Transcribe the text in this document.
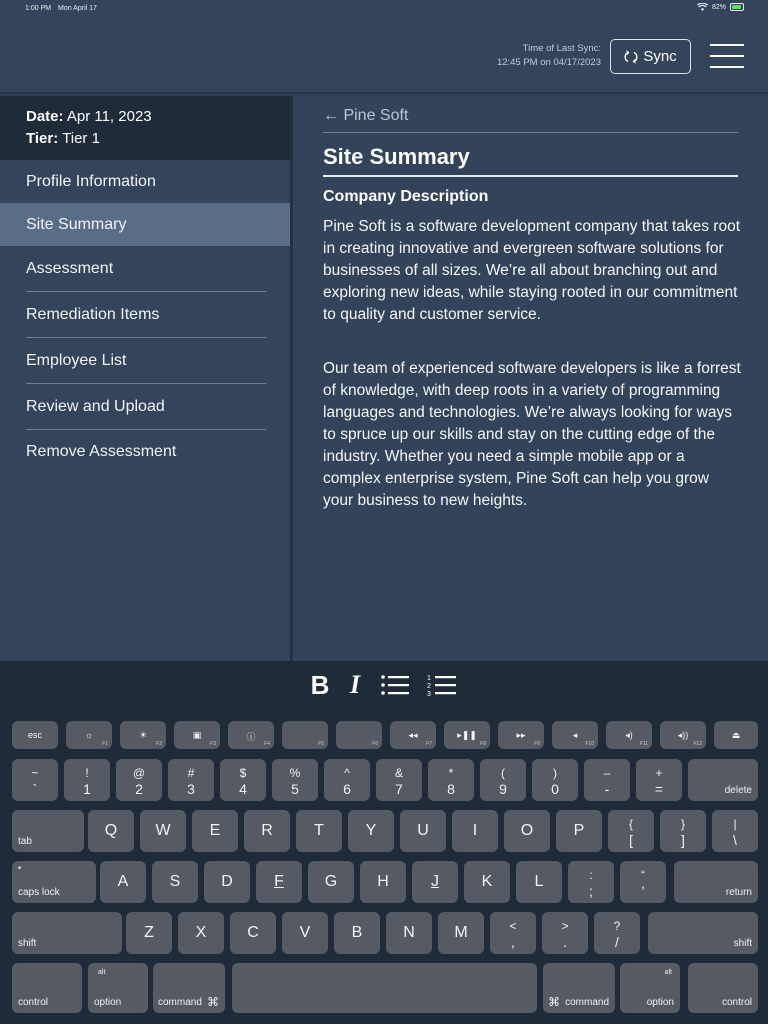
1:00 PM Mon April 17	82%
Time of Last Sync:
12:45 PM on 04/17/2023	Sync
Date: Apr 11, 2023
Tier: Tier 1
Profile Information
Site Summary
Assessment
Remediation Items
Employee List
Review and Upload
Remove Assessment
← Pine Soft
Site Summary
Company Description
Pine Soft is a software development company that takes root in creating innovative and evergreen software solutions for businesses of all sizes. We’re all about branching out and exploring new ideas, while staying rooted in our commitment to quality and customer service.
Our team of experienced software developers is like a forrest of knowledge, with deep roots in a variety of programming languages and technologies. We’re always looking for ways to spruce up our skills and stay on the cutting edge of the industry. Whether you need a simple mobile app or a complex enterprise system, Pine Soft can help you grow your business to new heights.
B I	1
2
3
esc	☼
F1
☀
F2
▣
F3
ⓘ
F4	F5	F6
◂◂
F7
▸❚❚
F8
▸▸
F9
◂
F10
◂)
F11
◂))
F12
⏏
~
`
!
1
@
2
#
3
$
4
%
5
^
6
&
7
*
8
(
9
)
0
–
-
+
=	delete
tab
Q	W	E	R	T	Y	U	I	O	P	{
[
}
]
|
\
•
caps lock
A	S	D	F	G	H	J	K	L	:
;
“
’	return
shift
Z	X	C	V	B	N	M	<
,
>
.
?
/	shift
control
alt
option	command ⌘	⌘ command
alt
option	control
